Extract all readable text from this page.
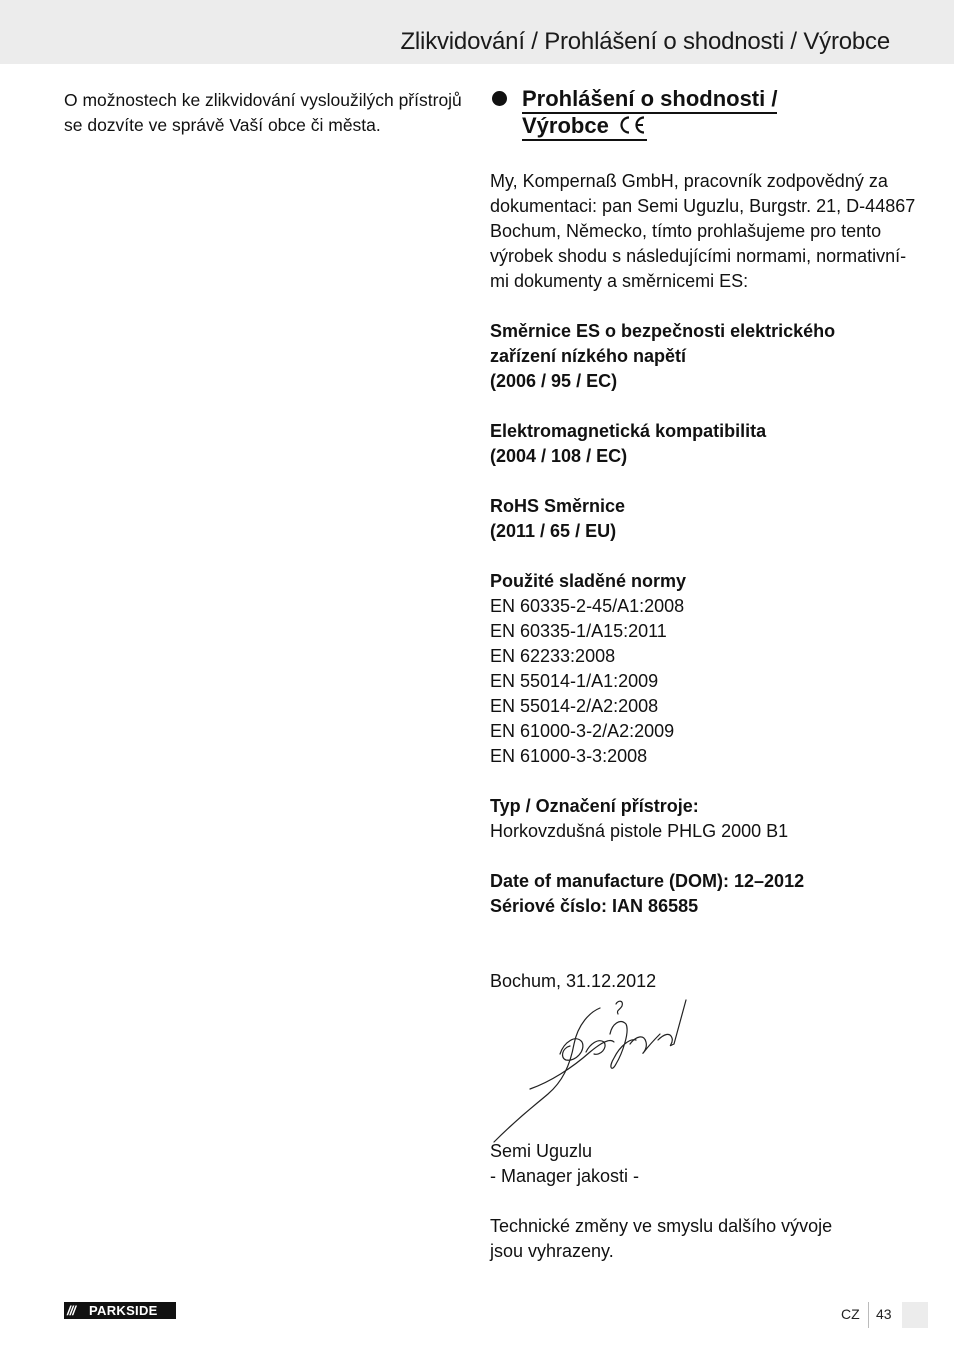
Zlikvidování / Prohlášení o shodnosti / Výrobce
O možnostech ke zlikvidování vysloužilých přístrojů
se dozvíte ve správě Vaší obce či města.
Prohlášení o shodnosti /
Výrobce
My, Kompernaß GmbH, pracovník zodpovědný za
dokumentaci: pan Semi Uguzlu, Burgstr. 21, D-44867
Bochum, Německo, tímto prohlašujeme pro tento
výrobek shodu s následujícími normami, normativní-
mi dokumenty a směrnicemi ES:
Směrnice ES o bezpečnosti elektrického
zařízení nízkého napětí
(2006 / 95 / EC)
Elektromagnetická kompatibilita
(2004 / 108 / EC)
RoHS Směrnice
(2011 / 65 / EU)
Použité sladěné normy
EN 60335-2-45/A1:2008
EN 60335-1/A15:2011
EN 62233:2008
EN 55014-1/A1:2009
EN 55014-2/A2:2008
EN 61000-3-2/A2:2009
EN 61000-3-3:2008
Typ / Označení přístroje:
Horkovzdušná pistole PHLG 2000 B1
Date of manufacture (DOM): 12–2012
Sériové číslo: IAN 86585
Bochum, 31.12.2012
Semi Uguzlu
- Manager jakosti -
Technické změny ve smyslu dalšího vývoje
jsou vyhrazeny.
/// PARKSIDE	CZ 43
